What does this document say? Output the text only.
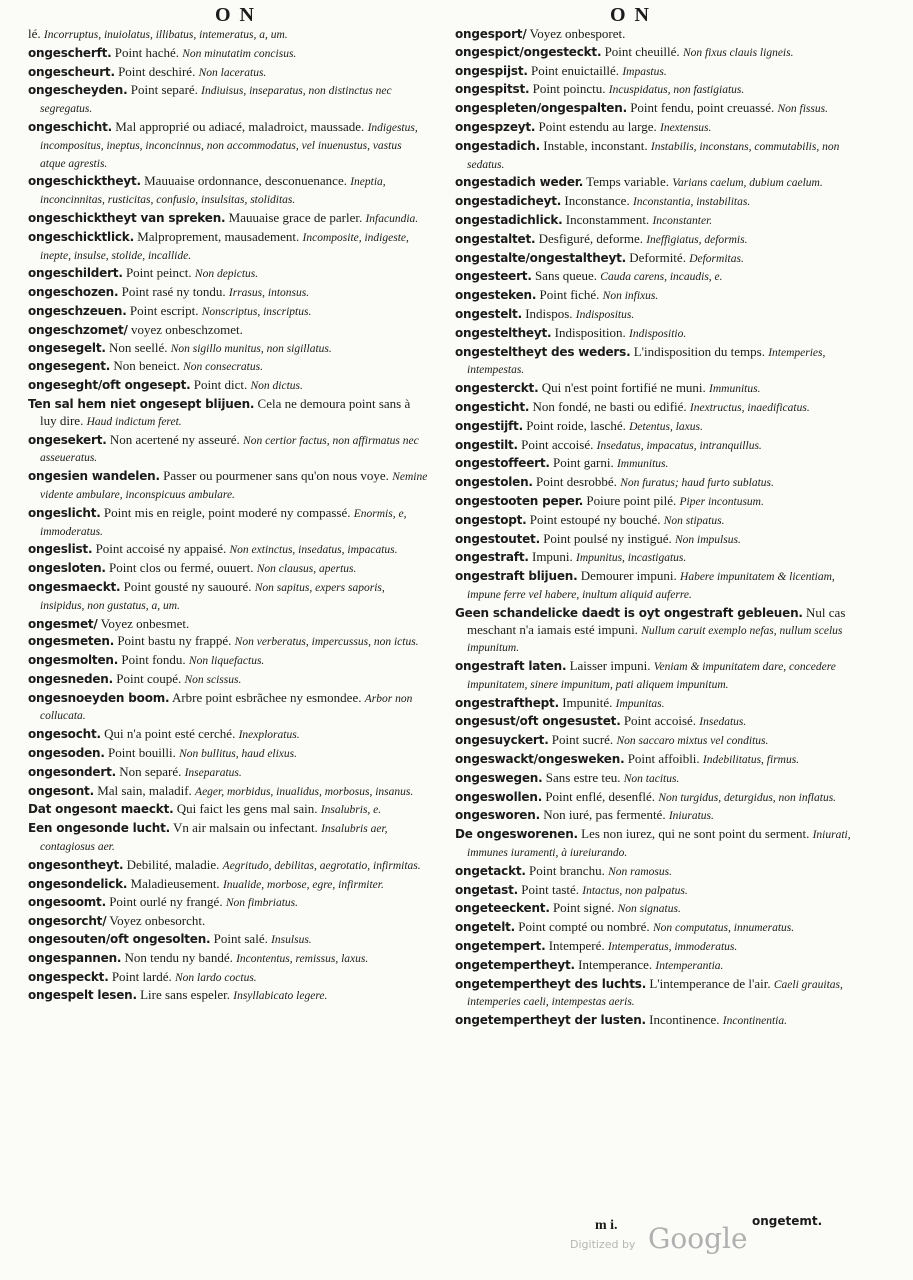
O N	O N
lé. Incorruptus, inuiolatus, illibatus, intemeratus, a, um.
ongescherft. Point haché. Non minutatim concisus.
ongescheurt. Point deschiré. Non laceratus.
ongescheyden. Point separé. Indiuisus, inseparatus, non distinctus nec segregatus.
ongeschicht. Mal approprié ou adiacé, maladroict, maussade. Indigestus, incompositus, ineptus, inconcinnus, non accommodatus, vel inuenustus, vastus atque agrestis.
ongeschicktheyt. Mauuaise ordonnance, desconuenance. Ineptia, inconcinnitas, rusticitas, confusio, insulsitas, stoliditas.
ongeschicktheyt van spreken. Mauuaise grace de parler. Infacundia.
ongeschicktlick. Malproprement, mausadement. Incomposite, indigeste, inepte, insulse, stolide, incallide.
ongeschildert. Point peinct. Non depictus.
ongeschozen. Point rasé ny tondu. Irrasus, intonsus.
ongeschzeuen. Point escript. Nonscriptus, inscriptus.
ongeschzomet/ voyez onbeschzomet.
ongesegelt. Non seellé. Non sigillo munitus, non sigillatus.
ongesegent. Non beneict. Non consecratus.
ongeseght/oft ongesept. Point dict. Non dictus.
Ten sal hem niet ongesept blijuen. Cela ne demoura point sans à luy dire. Haud indictum feret.
ongesekert. Non acertené ny asseuré. Non certior factus, non affirmatus nec asseueratus.
ongesien wandelen. Passer ou pourmener sans qu'on nous voye. Nemine vidente ambulare, inconspicuus ambulare.
ongeslicht. Point mis en reigle, point moderé ny compassé. Enormis, e, immoderatus.
ongeslist. Point accoisé ny appaisé. Non extinctus, insedatus, impacatus.
ongesloten. Point clos ou fermé, ouuert. Non clausus, apertus.
ongesmaeckt. Point gousté ny sauouré. Non sapitus, expers saporis, insipidus, non gustatus, a, um.
ongesmet/ Voyez onbesmet.
ongesmeten. Point bastu ny frappé. Non verberatus, impercussus, non ictus.
ongesmolten. Point fondu. Non liquefactus.
ongesneden. Point coupé. Non scissus.
ongesnoeyden boom. Arbre point esbrãchee ny esmondee. Arbor non collucata.
ongesocht. Qui n'a point esté cerché. Inexploratus.
ongesoden. Point bouilli. Non bullitus, haud elixus.
ongesondert. Non separé. Inseparatus.
ongesont. Mal sain, maladif. Aeger, morbidus, inualidus, morbosus, insanus.
Dat ongesont maeckt. Qui faict les gens mal sain. Insalubris, e.
Een ongesonde lucht. Vn air malsain ou infectant. Insalubris aer, contagiosus aer.
ongesontheyt. Debilité, maladie. Aegritudo, debilitas, aegrotatio, infirmitas.
ongesondelick. Maladieusement. Inualide, morbose, egre, infirmiter.
ongesoomt. Point ourlé ny frangé. Non fimbriatus.
ongesorcht/ Voyez onbesorcht.
ongesouten/oft ongesolten. Point salé. Insulsus.
ongespannen. Non tendu ny bandé. Incontentus, remissus, laxus.
ongespeckt. Point lardé. Non lardo coctus.
ongespelt lesen. Lire sans espeler. Insyllabicato legere.
ongesport/ Voyez onbesporet.
ongespict/ongesteckt. Point cheuillé. Non fixus clauis ligneis.
ongespijst. Point enuictaillé. Impastus.
ongespitst. Point poinctu. Incuspidatus, non fastigiatus.
ongespleten/ongespalten. Point fendu, point creuassé. Non fissus.
ongespzeyt. Point estendu au large. Inextensus.
ongestadich. Instable, inconstant. Instabilis, inconstans, commutabilis, non sedatus.
ongestadich weder. Temps variable. Varians caelum, dubium caelum.
ongestadicheyt. Inconstance. Inconstantia, instabilitas.
ongestadichlick. Inconstamment. Inconstanter.
ongestaltet. Desfiguré, deforme. Ineffigiatus, deformis.
ongestalte/ongestaltheyt. Deformité. Deformitas.
ongesteert. Sans queue. Cauda carens, incaudis, e.
ongesteken. Point fiché. Non infixus.
ongestelt. Indispos. Indispositus.
ongesteltheyt. Indisposition. Indispositio.
ongesteltheyt des weders. L'indisposition du temps. Intemperies, intempestas.
ongesterckt. Qui n'est point fortifié ne muni. Immunitus.
ongesticht. Non fondé, ne basti ou edifié. Inextructus, inaedificatus.
ongestijft. Point roide, lasché. Detentus, laxus.
ongestilt. Point accoisé. Insedatus, impacatus, intranquillus.
ongestoffeert. Point garni. Immunitus.
ongestolen. Point desrobbé. Non furatus; haud furto sublatus.
ongestooten peper. Poiure point pilé. Piper incontusum.
ongestopt. Point estoupé ny bouché. Non stipatus.
ongestoutet. Point poulsé ny instigué. Non impulsus.
ongestraft. Impuni. Impunitus, incastigatus.
ongestraft blijuen. Demourer impuni. Habere impunitatem & licentiam, impune ferre vel habere, inultum aliquid auferre.
Geen schandelicke daedt is oyt ongestraft gebleuen. Nul cas meschant n'a iamais esté impuni. Nullum caruit exemplo nefas, nullum scelus impunitum.
ongestraft laten. Laisser impuni. Veniam & impunitatem dare, concedere impunitatem, sinere impunitum, pati aliquem impunitum.
ongestrafthept. Impunité. Impunitas.
ongesust/oft ongesustet. Point accoisé. Insedatus.
ongesuyckert. Point sucré. Non saccaro mixtus vel conditus.
ongeswackt/ongesweken. Point affoibli. Indebilitatus, firmus.
ongeswegen. Sans estre teu. Non tacitus.
ongeswollen. Point enflé, desenflé. Non turgidus, deturgidus, non inflatus.
ongesworen. Non iuré, pas fermenté. Iniuratus.
De ongesworenen. Les non iurez, qui ne sont point du serment. Iniurati, immunes iuramenti, à iureiurando.
ongetackt. Point branchu. Non ramosus.
ongetast. Point tasté. Intactus, non palpatus.
ongeteeckent. Point signé. Non signatus.
ongetelt. Point compté ou nombré. Non computatus, innumeratus.
ongetempert. Intemperé. Intemperatus, immoderatus.
ongetempertheyt. Intemperance. Intemperantia.
ongetempertheyt des luchts. L'intemperance de l'air. Caeli grauitas, intemperies caeli, intempestas aeris.
ongetempertheyt der lusten. Incontinence. Incontinentia.
m i.	ongetemt.
Digitized by Google
